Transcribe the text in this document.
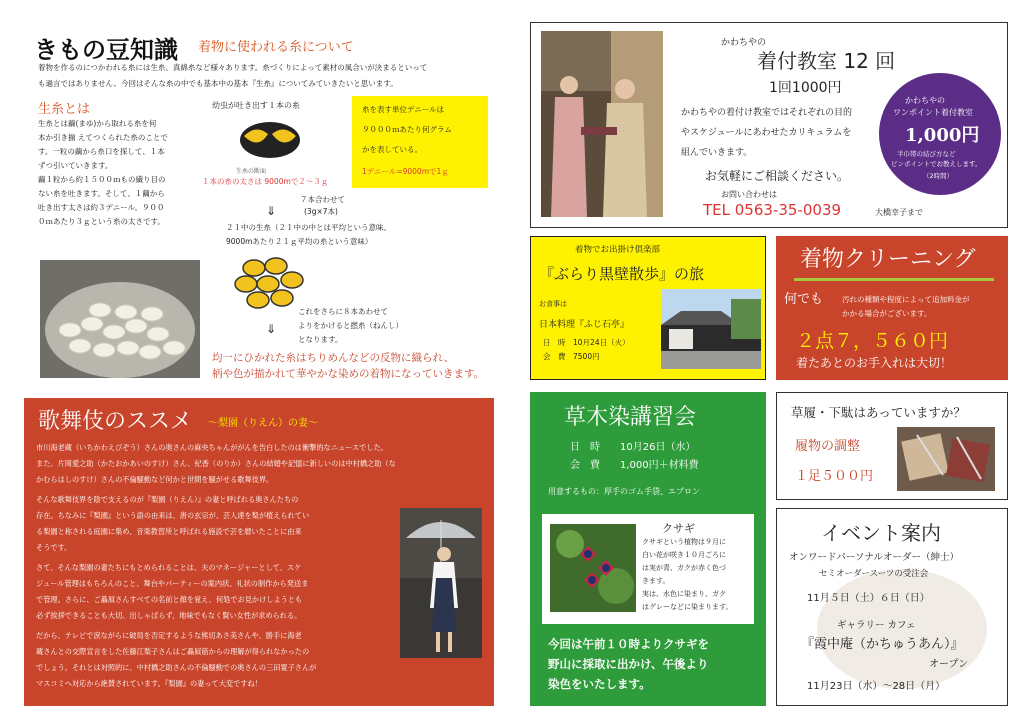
きもの豆知識 着物に使われる糸について
着物を作るのにつかわれる糸には生糸、真綿糸など様々あります。糸づくりによって素材の風合いが決まるといって
も過言ではありません。今回はそんな糸の中でも基本中の基本『生糸』についてみていきたいと思います。
生糸とは
生糸とは繭(まゆ)から取れる糸を何
本か引き揃 えてつくられた糸のことで
す。一粒の繭から糸口を探して、１本
ずつ引いていきます。
繭１粒から約１５００ｍもの繊り目の
ない糸を吐きます。そして、１繭から
吐き出す太さは約３デニール。９００
０ｍあたり３ｇという糸の太さです。
幼虫が吐き出す１本の糸
生糸の断面
糸を表す単位デニールは
９０００ｍあたり何グラム
かを表している。
1デニール=9000mで1ｇ
１本の糸の太さは 9000mで２～３ｇ
７本合わせて
(3g×7本)
⇓
２１中の生糸（２１中の中とは平均という意味。
9000mあたり２１ｇ平均の糸という意味）
これをさらに８本あわせて
よりをかけると撚糸（ねんし）
⇓
となります。
均一にひかれた糸はちりめんなどの反物に織られ、
柄や色が描かれて華やかな染めの着物になっていきます。
歌舞伎のススメ ～梨園（りえん）の妻～
市川海老蔵（いちかわえびぞう）さんの奥さんの麻央ちゃんががんを告白したのは衝撃的なニュースでした。
また、片岡愛之助（かたおかあいのすけ）さん、紀香（のりか）さんの結婚や記憶に新しいのは中村橋之助（な
かむらはしのすけ）さんの不倫騒動など何かと世間を騒がせる歌舞伎界。
そんな歌舞伎界を陰で支えるのが『梨園（りえん）』の妻と呼ばれる奥さんたちの
存在。ちなみに『梨園』という語の由来は、唐の玄宗が、芸人達を梨が植えられてい
る梨園と称される庭園に集め、音楽教習所と呼ばれる施設で芸を磨いたことに由来
そうです。
さて、そんな梨園の妻たちにもとめられることは、夫のマネージャーとして、スケ
ジュール管理はもちろんのこと、舞台やパーティーの案内状、礼状の制作から発送ま
で管理。さらに、ご贔屓さんすべての名前と顔を覚え、何処でお見かけしようとも
必ず挨拶できることも大切。出しゃばらず、地味でもなく賢い女性が求められる。
だから、テレビで涙ながらに破局を否定するような熊切あさ美さんや、勝手に海老
蔵さんとの交際宣言をした佐藤江梨子さんはご贔屓筋からの理解が得られなかったの
でしょう。それとは対照的に、中村橋之助さんの不倫騒動での奥さんの三田寛子さんが
マスコミへ対応から絶賛されています。『梨園』の妻って大変ですね！
かわちやの
着付教室 12 回
1回1000円
かわちやの着付け教室ではそれぞれの目的
やスケジュールにあわせたカリキュラムを
組んでいきます。
お気軽にご相談ください。
お問い合わせは
TEL 0563-35-0039	大橋幸子まで
かわちやの
ワンポイント着付教室
1,000円
半巾帯の結び方など
ピンポイントでお教えします。
（2時間）
着物でお出掛け倶楽部
『ぶらり黒壁散歩』の旅
お食事は
日本料理『ふじ石亭』
日　時　10月24日（火）
会　費　7500円
着物クリーニング
何でも	汚れの種類や程度によって追加料金が
かかる場合がございます。
２点７，５６０円
着たあとのお手入れは大切！
草木染講習会
日　時　　10月26日（水）
会　費　　1,000円＋材料費
用意するもの：厚手のゴム手袋、エプロン
クサギ
クサギという植物は９月に
白い花が咲き１０月ごろに
は実が青、ガクが赤く色づ
きます。
実は、水色に染まり、ガク
はグレーなどに染まります。
今回は午前１０時よりクサギを
野山に採取に出かけ、午後より
染色をいたします。
草履・下駄はあっていますか？
履物の調整
１足５００円
イベント案内
オンワードパーソナルオーダー（紳士）
セミオーダースーツの受注会
11月５日（土）６日（日）
ギャラリー カフェ
『霞中庵（かちゅうあん）』
オープン
11月23日（水）～28日（月）
